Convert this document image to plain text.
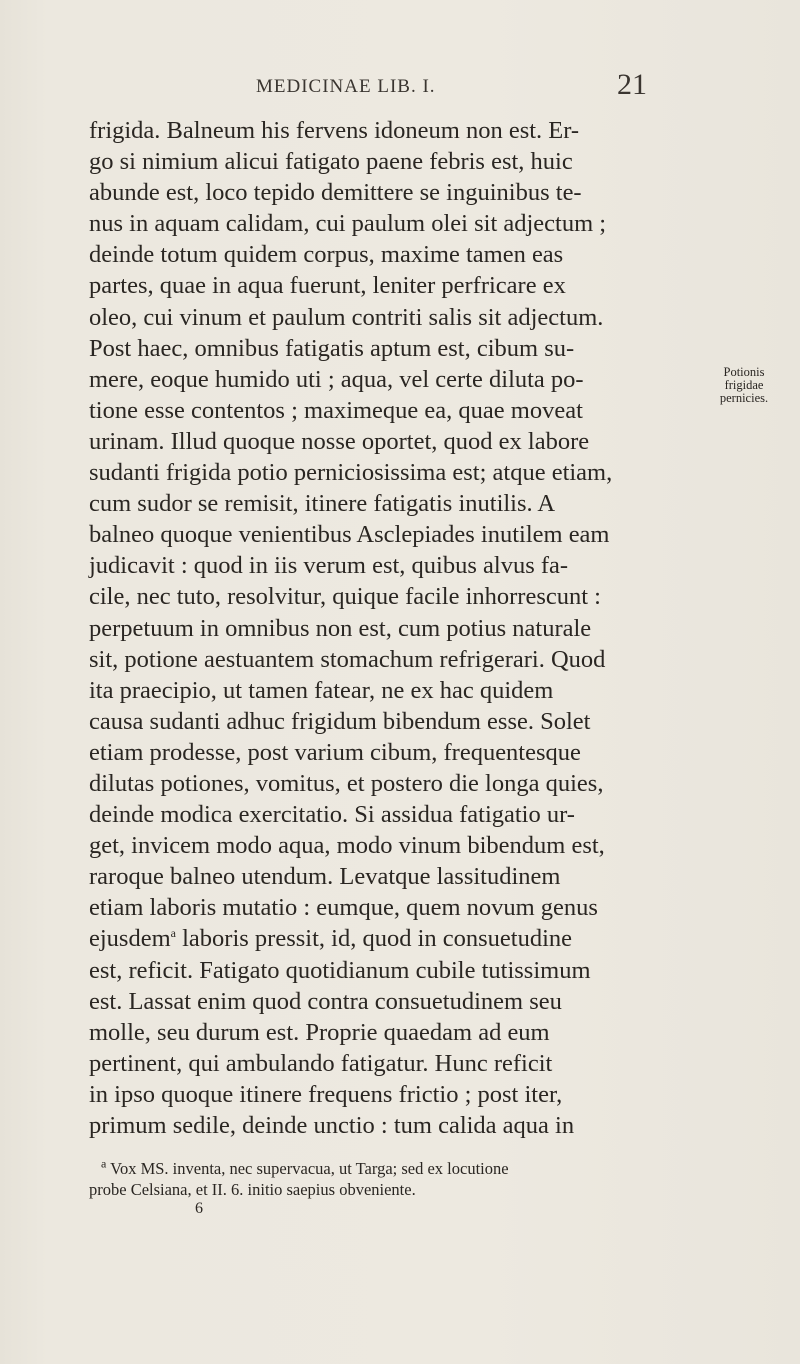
MEDICINAE LIB. I.	21
frigida. Balneum his fervens idoneum non est. Er-
go si nimium alicui fatigato paene febris est, huic
abunde est, loco tepido demittere se inguinibus te-
nus in aquam calidam, cui paulum olei sit adjectum ;
deinde totum quidem corpus, maxime tamen eas
partes, quae in aqua fuerunt, leniter perfricare ex
oleo, cui vinum et paulum contriti salis sit adjectum.
Post haec, omnibus fatigatis aptum est, cibum su-
mere, eoque humido uti ; aqua, vel certe diluta po-
tione esse contentos ; maximeque ea, quae moveat
urinam. Illud quoque nosse oportet, quod ex labore
sudanti frigida potio perniciosissima est; atque etiam,
cum sudor se remisit, itinere fatigatis inutilis. A
balneo quoque venientibus Asclepiades inutilem eam
judicavit : quod in iis verum est, quibus alvus fa-
cile, nec tuto, resolvitur, quique facile inhorrescunt :
perpetuum in omnibus non est, cum potius naturale
sit, potione aestuantem stomachum refrigerari. Quod
ita praecipio, ut tamen fatear, ne ex hac quidem
causa sudanti adhuc frigidum bibendum esse. Solet
etiam prodesse, post varium cibum, frequentesque
dilutas potiones, vomitus, et postero die longa quies,
deinde modica exercitatio. Si assidua fatigatio ur-
get, invicem modo aqua, modo vinum bibendum est,
raroque balneo utendum. Levatque lassitudinem
etiam laboris mutatio : eumque, quem novum genus
ejusdem$^a$ laboris pressit, id, quod in consuetudine
est, reficit. Fatigato quotidianum cubile tutissimum
est. Lassat enim quod contra consuetudinem seu
molle, seu durum est. Proprie quaedam ad eum
pertinent, qui ambulando fatigatur. Hunc reficit
in ipso quoque itinere frequens frictio ; post iter,
primum sedile, deinde unctio : tum calida aqua in
Potionis
frigidae
pernicies.
$^a$ Vox MS. inventa, nec supervacua, ut Targa; sed ex locutione
probe Celsiana, et II. 6. initio saepius obveniente.
6
